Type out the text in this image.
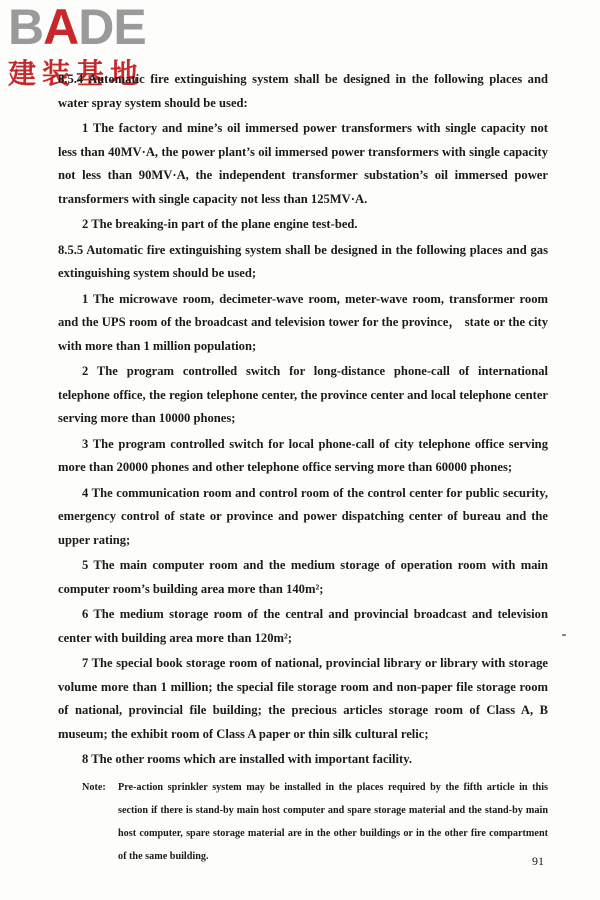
BADE
建装基地

8.5.4 Automatic fire extinguishing system shall be designed in the following places and water spray system should be used:

1 The factory and mine’s oil immersed power transformers with single capacity not less than 40MV·A, the power plant’s oil immersed power transformers with single capacity not less than 90MV·A, the independent transformer substation’s oil immersed power transformers with single capacity not less than 125MV·A.

2 The breaking-in part of the plane engine test-bed.

8.5.5 Automatic fire extinguishing system shall be designed in the following places and gas extinguishing system should be used;

1 The microwave room, decimeter-wave room, meter-wave room, transformer room and the UPS room of the broadcast and television tower for the province， state or the city with more than 1 million population;

2 The program controlled switch for long-distance phone-call of international telephone office, the region telephone center, the province center and local telephone center serving more than 10000 phones;

3 The program controlled switch for local phone-call of city telephone office serving more than 20000 phones and other telephone office serving more than 60000 phones;

4 The communication room and control room of the control center for public security, emergency control of state or province and power dispatching center of bureau and the upper rating;

5 The main computer room and the medium storage of operation room with main computer room’s building area more than 140m²;

6 The medium storage room of the central and provincial broadcast and television center with building area more than 120m²;

7 The special book storage room of national, provincial library or library with storage volume more than 1 million; the special file storage room and non-paper file storage room of national, provincial file building; the precious articles storage room of Class A, B museum; the exhibit room of Class A paper or thin silk cultural relic;

8 The other rooms which are installed with important facility.

Note:	Pre-action sprinkler system may be installed in the places required by the fifth article in this section if there is stand-by main host computer and spare storage material and the stand-by main host computer, spare storage material are in the other buildings or in the other fire compartment of the same building.	91
